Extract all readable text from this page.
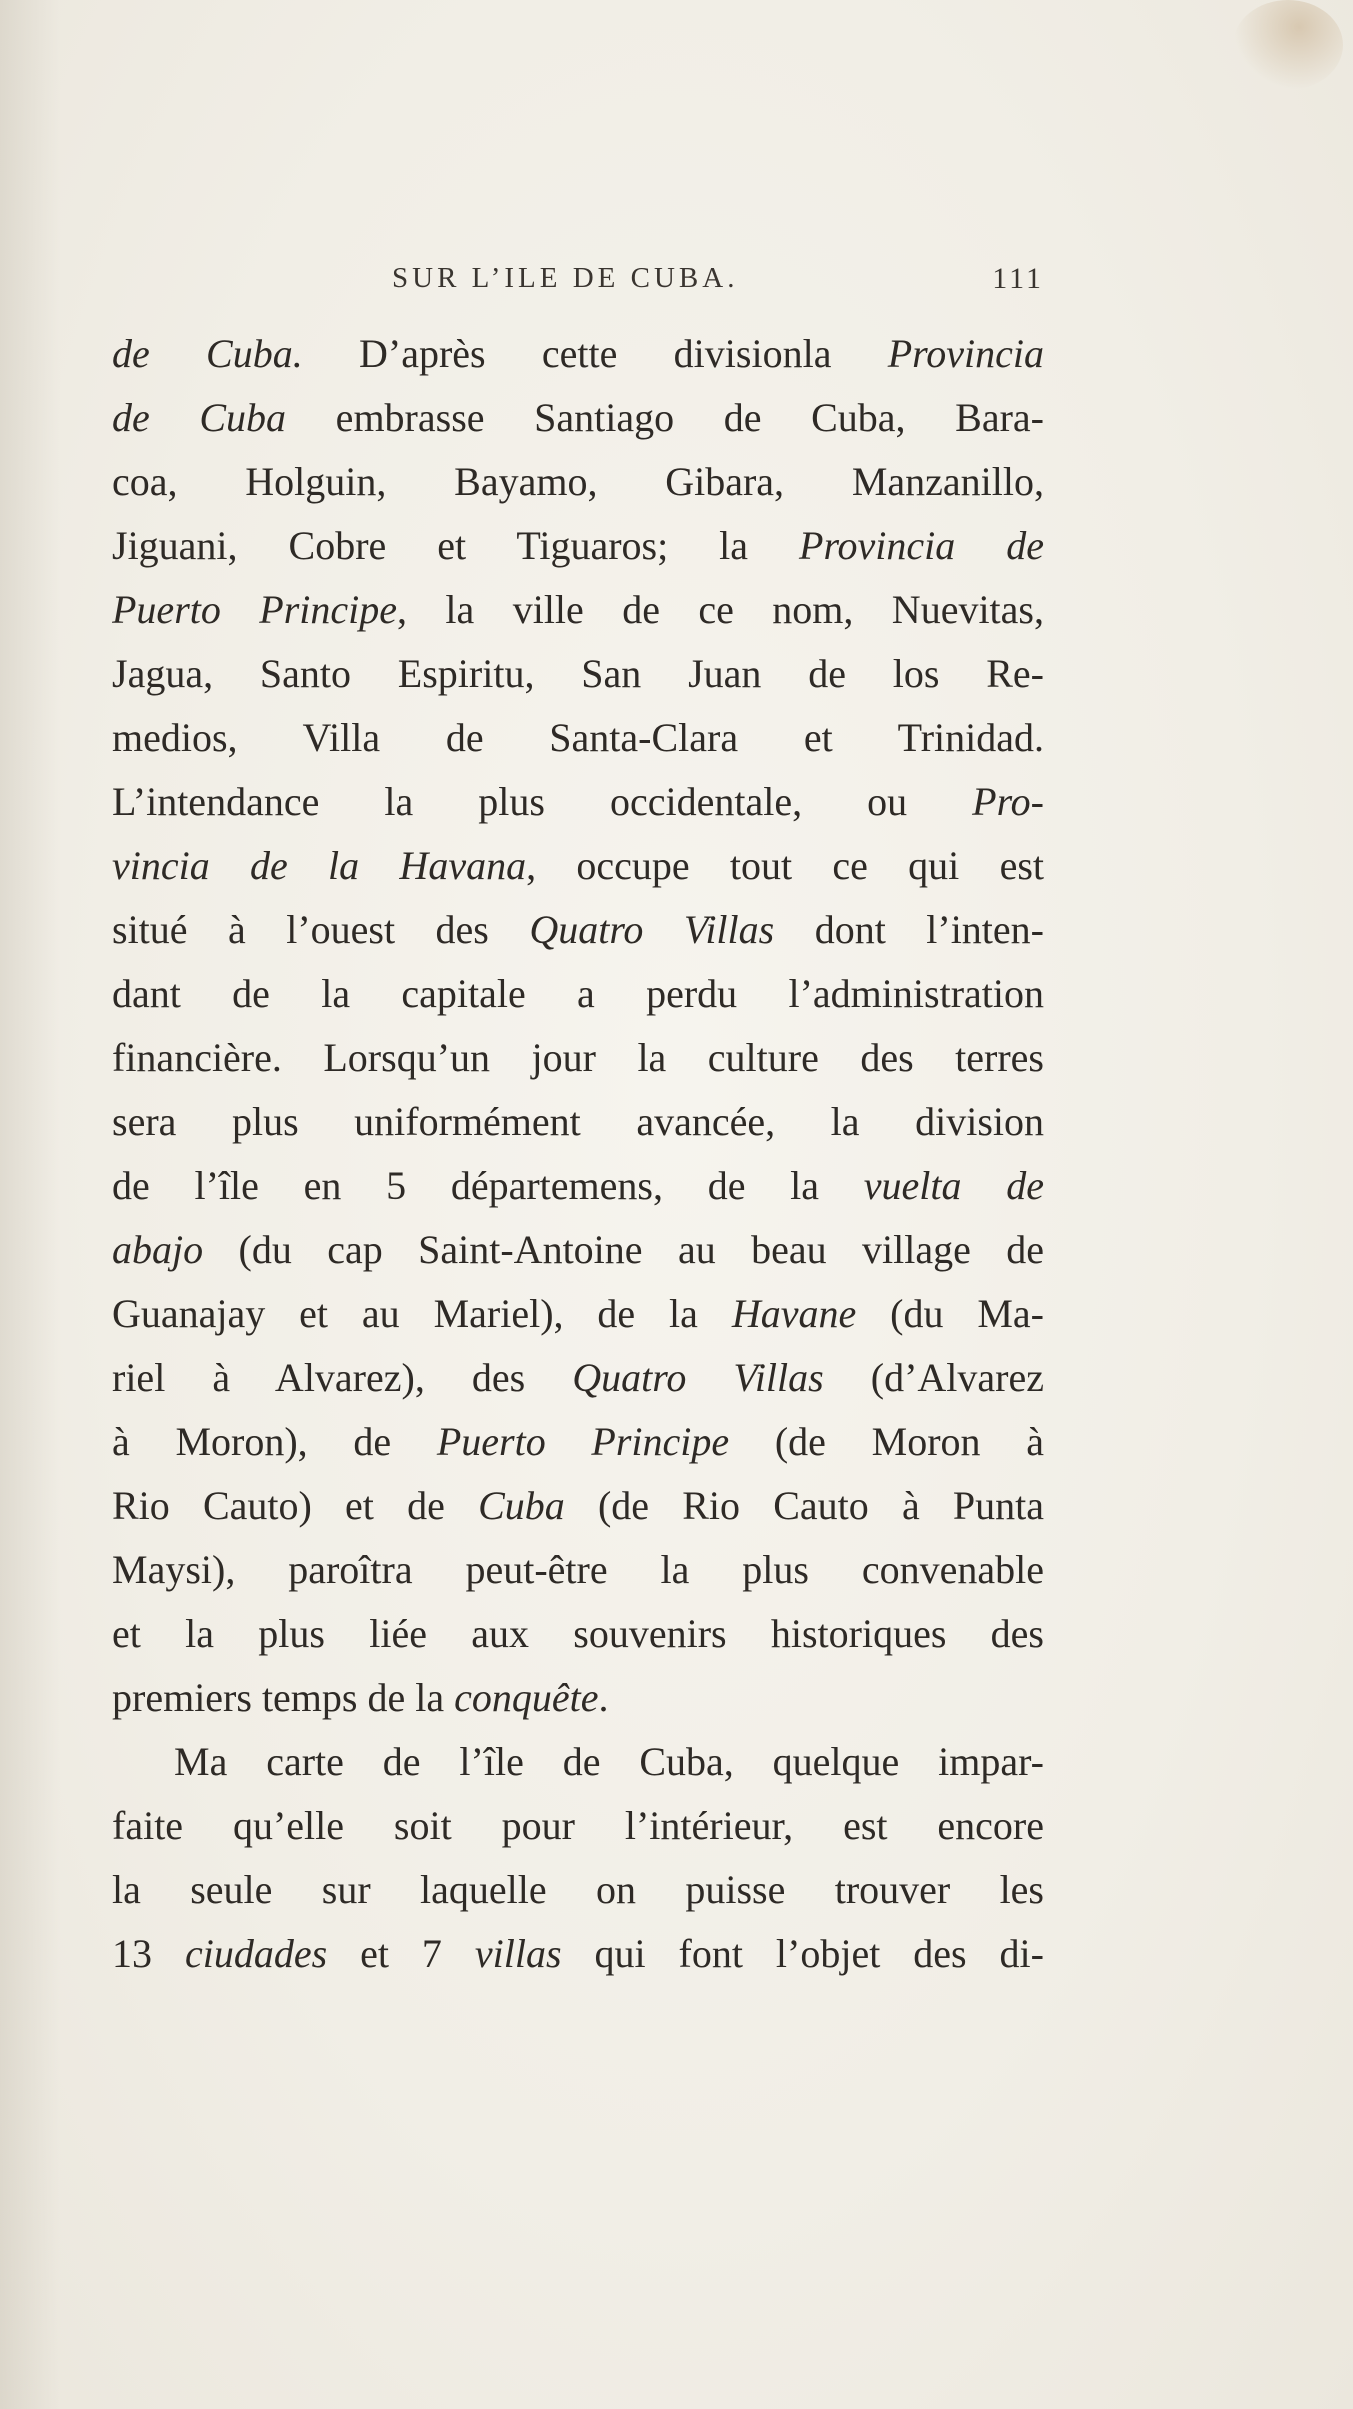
SUR L’ILE DE CUBA.	111
de Cuba. D’après cette divisionla Provincia
de Cuba embrasse Santiago de Cuba, Bara-
coa, Holguin, Bayamo, Gibara, Manzanillo,
Jiguani, Cobre et Tiguaros; la Provincia de
Puerto Principe, la ville de ce nom, Nuevitas,
Jagua, Santo Espiritu, San Juan de los Re-
medios, Villa de Santa-Clara et Trinidad.
L’intendance la plus occidentale, ou Pro-
vincia de la Havana, occupe tout ce qui est
situé à l’ouest des Quatro Villas dont l’inten-
dant de la capitale a perdu l’administration
financière. Lorsqu’un jour la culture des terres
sera plus uniformément avancée, la division
de l’île en 5 départemens, de la vuelta de
abajo (du cap Saint-Antoine au beau village de
Guanajay et au Mariel), de la Havane (du Ma-
riel à Alvarez), des Quatro Villas (d’Alvarez
à Moron), de Puerto Principe (de Moron à
Rio Cauto) et de Cuba (de Rio Cauto à Punta
Maysi), paroîtra peut-être la plus convenable
et la plus liée aux souvenirs historiques des
premiers temps de la conquête.
Ma carte de l’île de Cuba, quelque impar-
faite qu’elle soit pour l’intérieur, est encore
la seule sur laquelle on puisse trouver les
13 ciudades et 7 villas qui font l’objet des di-
